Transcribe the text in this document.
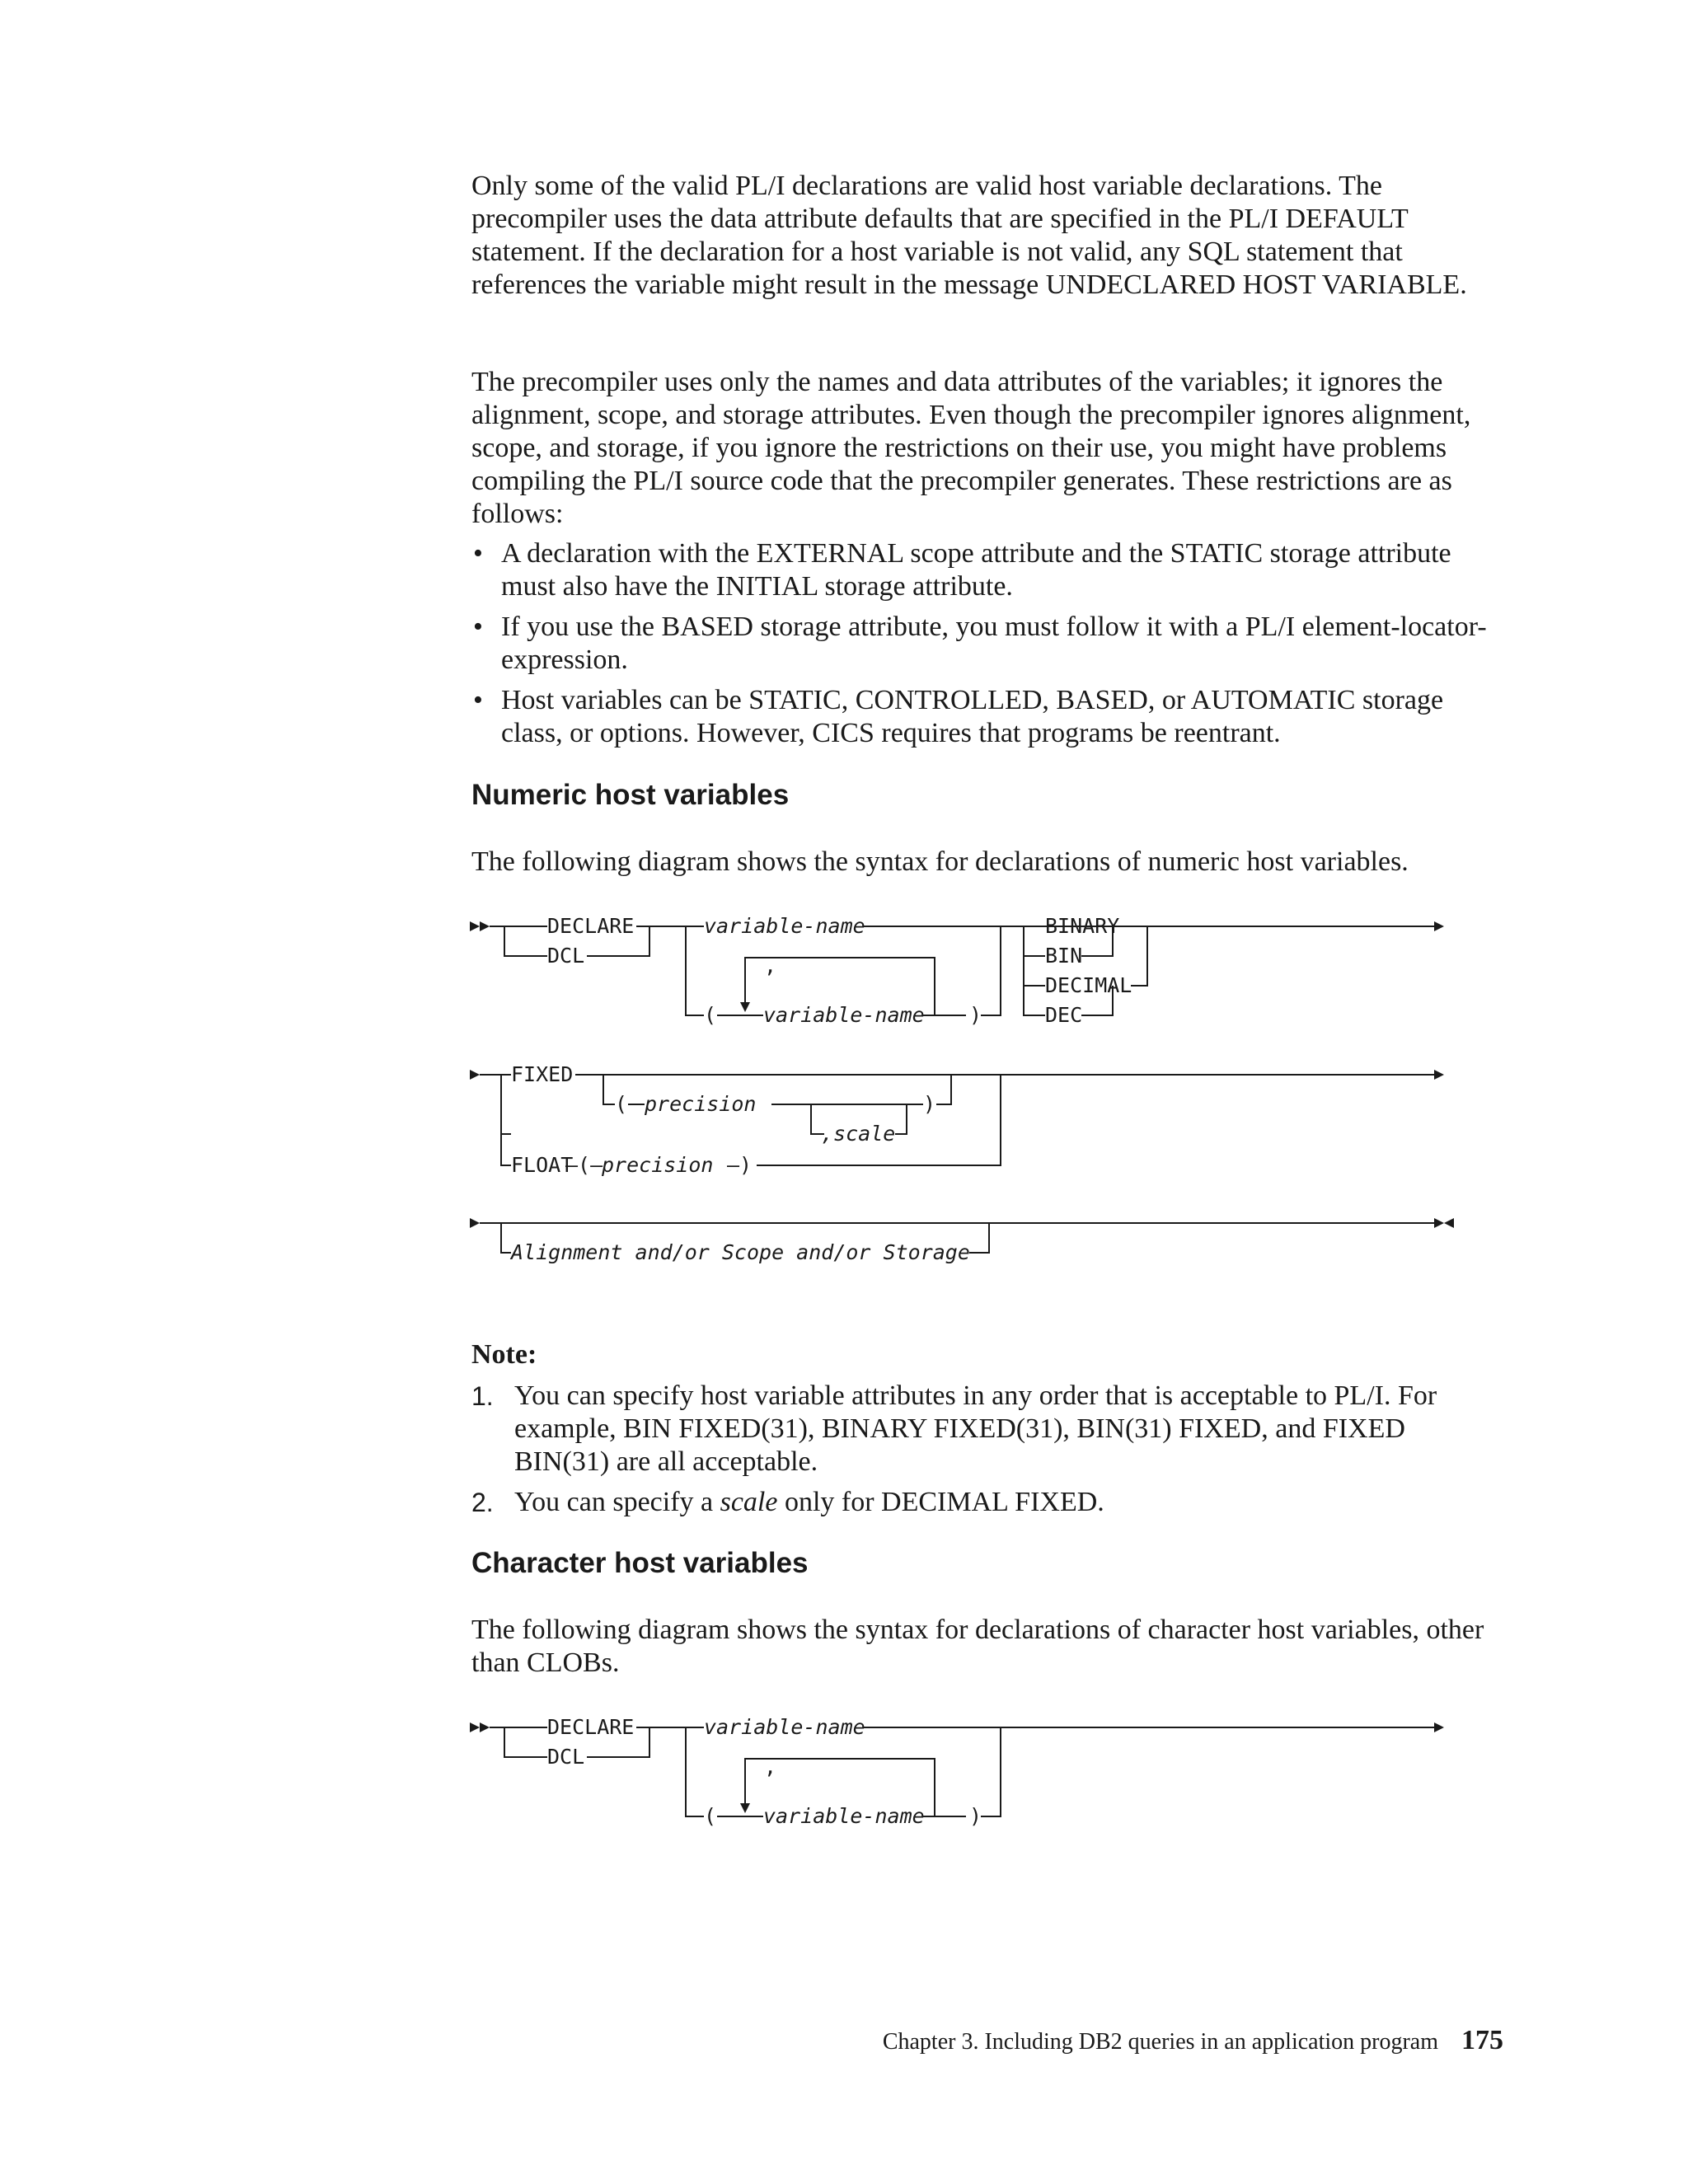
Only some of the valid PL/I declarations are valid host variable declarations. The precompiler uses the data attribute defaults that are specified in the PL/I DEFAULT statement. If the declaration for a host variable is not valid, any SQL statement that references the variable might result in the message UNDECLARED HOST VARIABLE.

The precompiler uses only the names and data attributes of the variables; it ignores the alignment, scope, and storage attributes. Even though the precompiler ignores alignment, scope, and storage, if you ignore the restrictions on their use, you might have problems compiling the PL/I source code that the precompiler generates. These restrictions are as follows:

• A declaration with the EXTERNAL scope attribute and the STATIC storage attribute must also have the INITIAL storage attribute.
• If you use the BASED storage attribute, you must follow it with a PL/I element-locator-expression.
• Host variables can be STATIC, CONTROLLED, BASED, or AUTOMATIC storage class, or options. However, CICS requires that programs be reentrant.
Numeric host variables

The following diagram shows the syntax for declarations of numeric host variables.

DECLARE
DCL
variable-name
( variable-name )
,
BINARY
BIN
DECIMAL
DEC
FIXED
( precision
,scale
)
FLOAT
—(—
precision —)
Alignment and/or Scope and/or Storage
Note:
1. You can specify host variable attributes in any order that is acceptable to PL/I. For example, BIN FIXED(31), BINARY FIXED(31), BIN(31) FIXED, and FIXED BIN(31) are all acceptable.
2. You can specify a scale only for DECIMAL FIXED.
Character host variables

The following diagram shows the syntax for declarations of character host variables, other than CLOBs.

DECLARE
DCL
variable-name
( variable-name )
,
Chapter 3. Including DB2 queries in an application program 175
